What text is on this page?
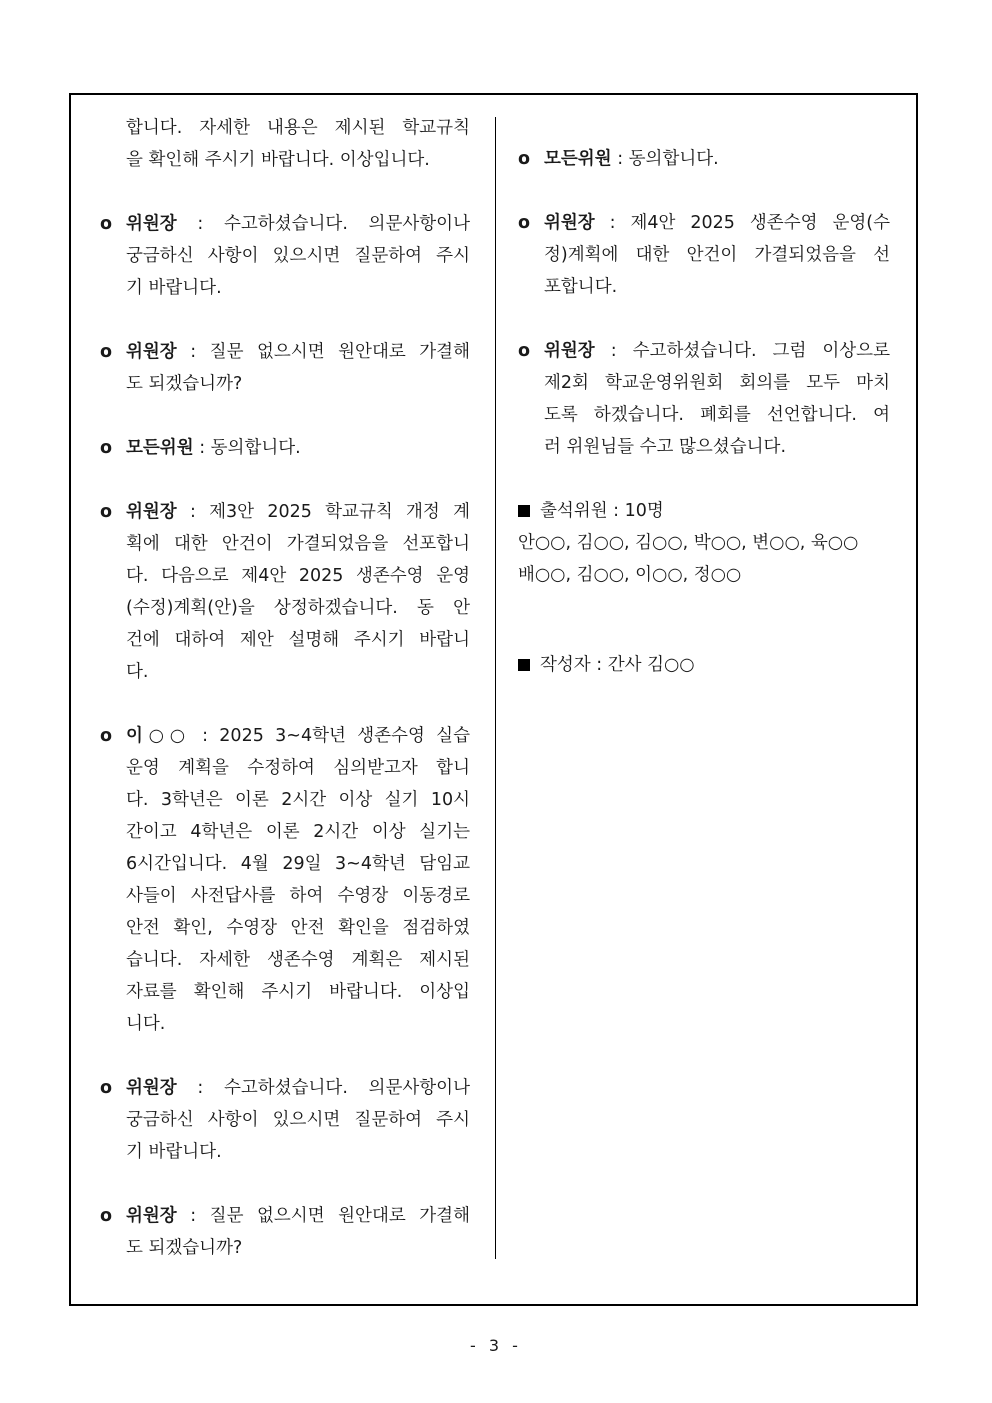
합니다. 자세한 내용은 제시된 학교규칙
을 확인해 주시기 바랍니다. 이상입니다.
o 위원장 : 수고하셨습니다. 의문사항이나
궁금하신 사항이 있으시면 질문하여 주시
기 바랍니다.
o 위원장 : 질문 없으시면 원안대로 가결해
도 되겠습니까?
o 모든위원 : 동의합니다.
o 위원장 : 제3안 2025 학교규칙 개정 계
획에 대한 안건이 가결되었음을 선포합니
다. 다음으로 제4안 2025 생존수영 운영
(수정)계획(안)을 상정하겠습니다. 동 안
건에 대하여 제안 설명해 주시기 바랍니
다.
o 이○○ : 2025 3~4학년 생존수영 실습
운영 계획을 수정하여 심의받고자 합니
다. 3학년은 이론 2시간 이상 실기 10시
간이고 4학년은 이론 2시간 이상 실기는
6시간입니다. 4월 29일 3~4학년 담임교
사들이 사전답사를 하여 수영장 이동경로
안전 확인, 수영장 안전 확인을 점검하였
습니다. 자세한 생존수영 계획은 제시된
자료를 확인해 주시기 바랍니다. 이상입
니다.
o 위원장 : 수고하셨습니다. 의문사항이나
궁금하신 사항이 있으시면 질문하여 주시
기 바랍니다.
o 위원장 : 질문 없으시면 원안대로 가결해
도 되겠습니까?
o 모든위원 : 동의합니다.
o 위원장 : 제4안 2025 생존수영 운영(수
정)계획에 대한 안건이 가결되었음을 선
포합니다.
o 위원장 : 수고하셨습니다. 그럼 이상으로
제2회 학교운영위원회 회의를 모두 마치
도록 하겠습니다. 폐회를 선언합니다. 여
러 위원님들 수고 많으셨습니다.
출석위원 : 10명
안○○, 김○○, 김○○, 박○○, 변○○, 육○○
배○○, 김○○, 이○○, 정○○
작성자 : 간사 김○○
- 3 -
